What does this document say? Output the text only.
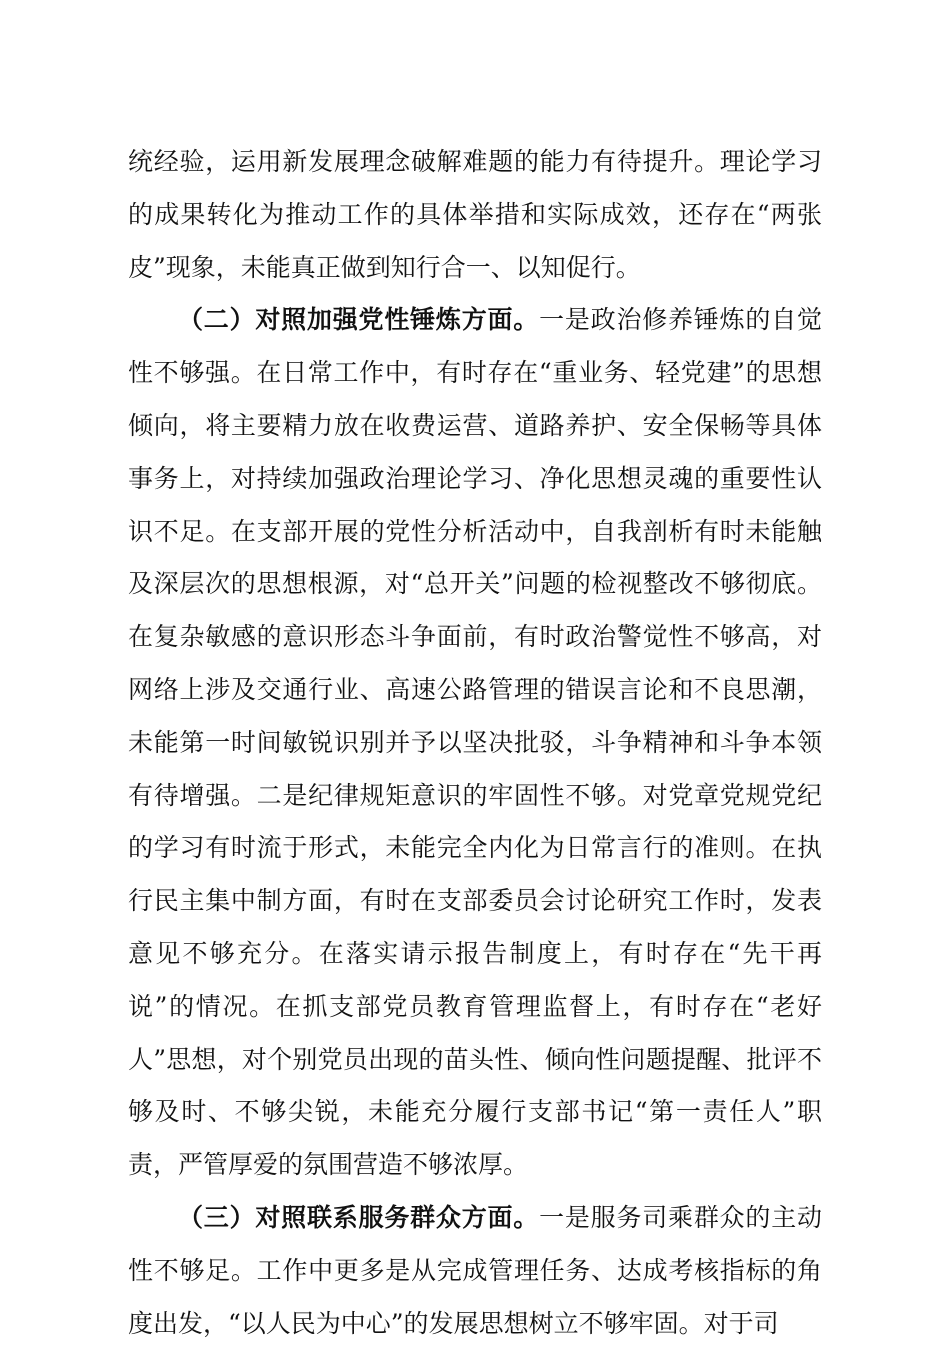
统经验，运用新发展理念破解难题的能力有待提升。理论学习的成果转化为推动工作的具体举措和实际成效，还存在“两张皮”现象，未能真正做到知行合一、以知促行。

（二）对照加强党性锤炼方面。一是政治修养锤炼的自觉性不够强。在日常工作中，有时存在“重业务、轻党建”的思想倾向，将主要精力放在收费运营、道路养护、安全保畅等具体事务上，对持续加强政治理论学习、净化思想灵魂的重要性认识不足。在支部开展的党性分析活动中，自我剖析有时未能触及深层次的思想根源，对“总开关”问题的检视整改不够彻底。在复杂敏感的意识形态斗争面前，有时政治警觉性不够高，对网络上涉及交通行业、高速公路管理的错误言论和不良思潮，未能第一时间敏锐识别并予以坚决批驳，斗争精神和斗争本领有待增强。二是纪律规矩意识的牢固性不够。对党章党规党纪的学习有时流于形式，未能完全内化为日常言行的准则。在执行民主集中制方面，有时在支部委员会讨论研究工作时，发表意见不够充分。在落实请示报告制度上，有时存在“先干再说”的情况。在抓支部党员教育管理监督上，有时存在“老好人”思想，对个别党员出现的苗头性、倾向性问题提醒、批评不够及时、不够尖锐，未能充分履行支部书记“第一责任人”职责，严管厚爱的氛围营造不够浓厚。

（三）对照联系服务群众方面。一是服务司乘群众的主动性不够足。工作中更多是从完成管理任务、达成考核指标的角度出发，“以人民为中心”的发展思想树立不够牢固。对于司
